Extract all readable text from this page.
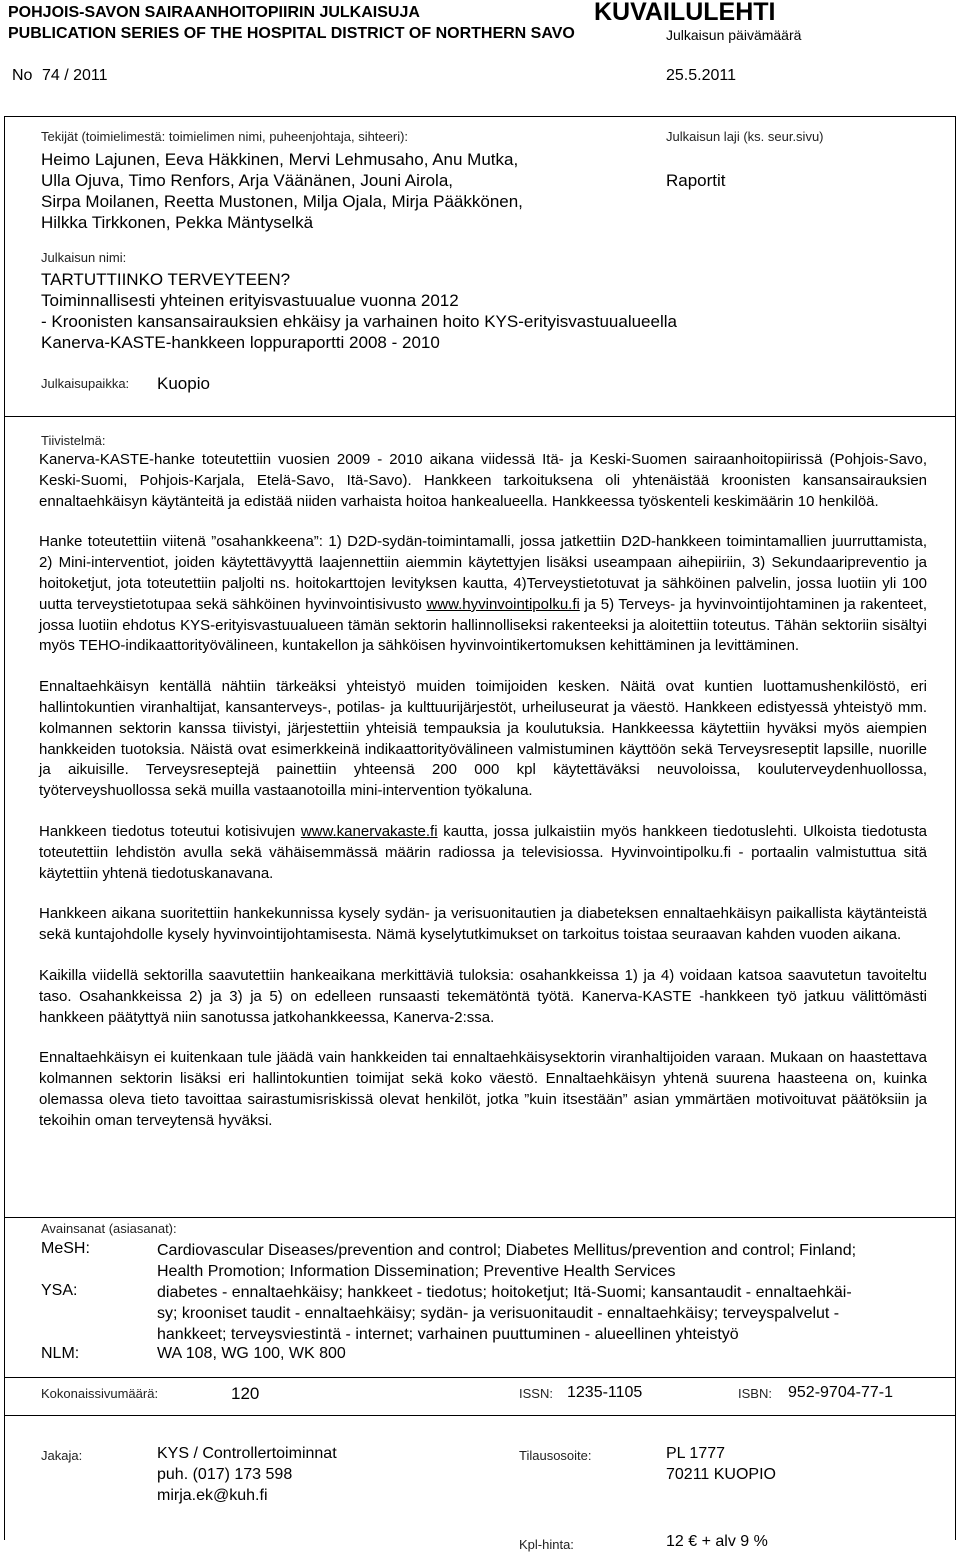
POHJOIS-SAVON SAIRAANHOITOPIIRIN JULKAISUJA
PUBLICATION SERIES OF THE HOSPITAL DISTRICT OF NORTHERN SAVO
KUVAILULEHTI
Julkaisun päivämäärä
No 74 / 2011	25.5.2011
Tekijät (toimielimestä: toimielimen nimi, puheenjohtaja, sihteeri):
Heimo Lajunen, Eeva Häkkinen, Mervi Lehmusaho, Anu Mutka,
Ulla Ojuva, Timo Renfors, Arja Väänänen, Jouni Airola,
Sirpa Moilanen, Reetta Mustonen, Milja Ojala, Mirja Pääkkönen,
Hilkka Tirkkonen, Pekka Mäntyselkä
Julkaisun laji (ks. seur.sivu)
Raportit
Julkaisun nimi:
TARTUTTIINKO TERVEYTEEN?
Toiminnallisesti yhteinen erityisvastuualue vuonna 2012
- Kroonisten kansansairauksien ehkäisy ja varhainen hoito KYS-erityisvastuualueella
Kanerva-KASTE-hankkeen loppuraportti 2008 - 2010
Julkaisupaikka: Kuopio
Tiivistelmä:
Kanerva-KASTE-hanke toteutettiin vuosien 2009 - 2010 aikana viidessä Itä- ja Keski-Suomen sairaanhoitopiirissä (Pohjois-Savo, Keski-Suomi, Pohjois-Karjala, Etelä-Savo, Itä-Savo). Hankkeen tarkoituksena oli yhtenäistää kroonisten kansansairauksien ennaltaehkäisyn käytänteitä ja edistää niiden varhaista hoitoa hankealueella. Hankkeessa työskenteli keskimäärin 10 henkilöä.
Hanke toteutettiin viitenä ”osahankkeena”: 1) D2D-sydän-toimintamalli, jossa jatkettiin D2D-hankkeen toimintamallien juurruttamista, 2) Mini-interventiot, joiden käytettävyyttä laajennettiin aiemmin käytettyjen lisäksi useampaan aihepiiriin, 3) Sekundaaripreventio ja hoitoketjut, jota toteutettiin paljolti ns. hoitokarttojen levityksen kautta, 4)Terveystietotuvat ja sähköinen palvelin, jossa luotiin yli 100 uutta terveystietotupaa sekä sähköinen hyvinvointisivusto www.hyvinvointipolku.fi ja 5) Terveys- ja hyvinvointijohtaminen ja rakenteet, jossa luotiin ehdotus KYS-erityisvastuualueen tämän sektorin hallinnolliseksi rakenteeksi ja aloitettiin toteutus. Tähän sektoriin sisältyi myös TEHO-indikaattorityövälineen, kuntakellon ja sähköisen hyvinvointikertomuksen kehittäminen ja levittäminen.
Ennaltaehkäisyn kentällä nähtiin tärkeäksi yhteistyö muiden toimijoiden kesken. Näitä ovat kuntien luottamushenkilöstö, eri hallintokuntien viranhaltijat, kansanterveys-, potilas- ja kulttuurijärjestöt, urheiluseurat ja väestö. Hankkeen edistyessä yhteistyö mm. kolmannen sektorin kanssa tiivistyi, järjestettiin yhteisiä tempauksia ja koulutuksia. Hankkeessa käytettiin hyväksi myös aiempien hankkeiden tuotoksia. Näistä ovat esimerkkeinä indikaattorityövälineen valmistuminen käyttöön sekä Terveysreseptit lapsille, nuorille ja aikuisille. Terveysreseptejä painettiin yhteensä 200 000 kpl käytettäväksi neuvoloissa, kouluterveydenhuollossa, työterveyshuollossa sekä muilla vastaanotoilla mini-intervention työkaluna.
Hankkeen tiedotus toteutui kotisivujen www.kanervakaste.fi kautta, jossa julkaistiin myös hankkeen tiedotuslehti. Ulkoista tiedotusta toteutettiin lehdistön avulla sekä vähäisemmässä määrin radiossa ja televisiossa. Hyvinvointipolku.fi - portaalin valmistuttua sitä käytettiin yhtenä tiedotuskanavana.
Hankkeen aikana suoritettiin hankekunnissa kysely sydän- ja verisuonitautien ja diabeteksen ennaltaehkäisyn paikallista käytänteistä sekä kuntajohdolle kysely hyvinvointijohtamisesta. Nämä kyselytutkimukset on tarkoitus toistaa seuraavan kahden vuoden aikana.
Kaikilla viidellä sektorilla saavutettiin hankeaikana merkittäviä tuloksia: osahankkeissa 1) ja 4) voidaan katsoa saavutetun tavoiteltu taso. Osahankkeissa 2) ja 3) ja 5) on edelleen runsaasti tekemätöntä työtä. Kanerva-KASTE -hankkeen työ jatkuu välittömästi hankkeen päätyttyä niin sanotussa jatkohankkeessa, Kanerva-2:ssa.
Ennaltaehkäisyn ei kuitenkaan tule jäädä vain hankkeiden tai ennaltaehkäisysektorin viranhaltijoiden varaan. Mukaan on haastettava kolmannen sektorin lisäksi eri hallintokuntien toimijat sekä koko väestö. Ennaltaehkäisyn yhtenä suurena haasteena on, kuinka olemassa oleva tieto tavoittaa sairastumisriskissä olevat henkilöt, jotka ”kuin itsestään” asian ymmärtäen motivoituvat päätöksiin ja tekoihin oman terveytensä hyväksi.
Avainsanat (asiasanat):
MeSH:	Cardiovascular Diseases/prevention and control; Diabetes Mellitus/prevention and control; Finland;
Health Promotion; Information Dissemination; Preventive Health Services
YSA:	diabetes - ennaltaehkäisy; hankkeet - tiedotus; hoitoketjut; Itä-Suomi; kansantaudit - ennaltaehkäi-
sy; krooniset taudit - ennaltaehkäisy; sydän- ja verisuonitaudit - ennaltaehkäisy; terveyspalvelut -
hankkeet; terveysviestintä - internet; varhainen puuttuminen - alueellinen yhteistyö
NLM:	WA 108, WG 100, WK 800
Kokonaissivumäärä:	120	ISSN: 1235-1105	ISBN: 952-9704-77-1
Jakaja:	KYS / Controllertoiminnat
puh. (017) 173 598
mirja.ek@kuh.fi
Tilausosoite:	PL 1777
70211 KUOPIO
Kpl-hinta:	12 € + alv 9 %
